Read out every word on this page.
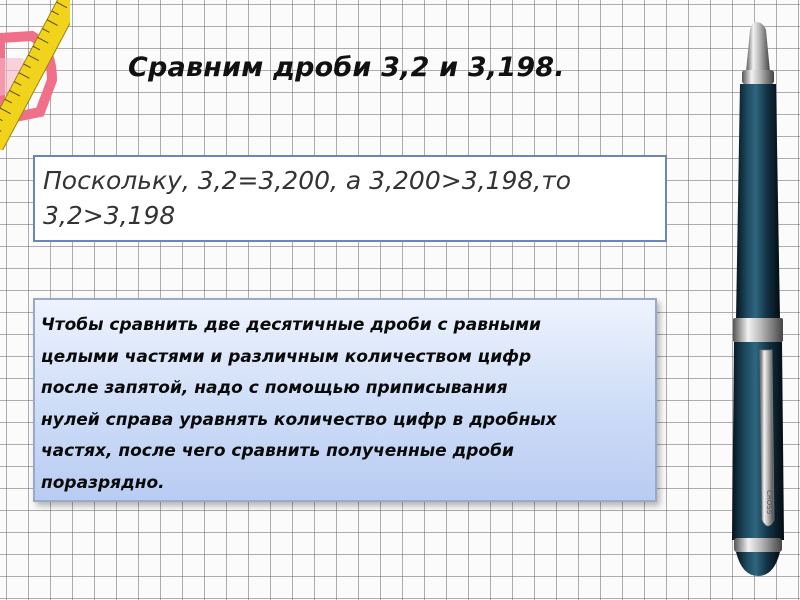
Сравним дроби 3,2 и 3,198.
Поскольку, 3,2=3,200, а 3,200>3,198,то
3,2>3,198
Чтобы сравнить две десятичные дроби с равными
целыми частями и различным количеством цифр
после запятой, надо с помощью приписывания
нулей справа уравнять количество цифр в дробных
частях, после чего сравнить полученные дроби
поразрядно.
CROSS
